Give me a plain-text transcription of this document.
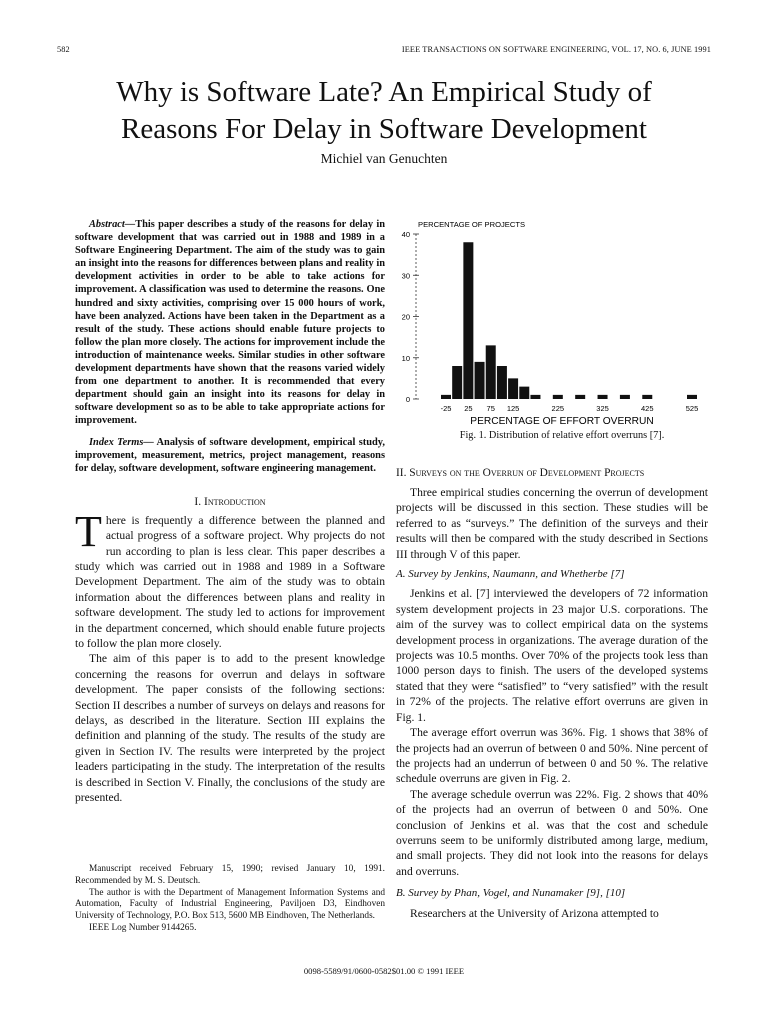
582	IEEE TRANSACTIONS ON SOFTWARE ENGINEERING, VOL. 17, NO. 6, JUNE 1991
Why is Software Late? An Empirical Study of
Reasons For Delay in Software Development
Michiel van Genuchten
Abstract—This paper describes a study of the reasons for delay in software development that was carried out in 1988 and 1989 in a Software Engineering Department. The aim of the study was to gain an insight into the reasons for differences between plans and reality in development activities in order to be able to take actions for improvement. A classification was used to determine the reasons. One hundred and sixty activities, comprising over 15 000 hours of work, have been analyzed. Actions have been taken in the Department as a result of the study. These actions should enable future projects to follow the plan more closely. The actions for improvement include the introduction of maintenance weeks. Similar studies in other software development departments have shown that the reasons varied widely from one department to another. It is recommended that every department should gain an insight into its reasons for delay in software development so as to be able to take appropriate actions for improvement.
Index Terms— Analysis of software development, empirical study, improvement, measurement, metrics, project management, reasons for delay, software development, software engineering management.
I. Introduction
There is frequently a difference between the planned and actual progress of a software project. Why projects do not run according to plan is less clear. This paper describes a study which was carried out in 1988 and 1989 in a Software Development Department. The aim of the study was to obtain information about the differences between plans and reality in software development. The study led to actions for improvement in the department concerned, which should enable future projects to follow the plan more closely.
The aim of this paper is to add to the present knowledge concerning the reasons for overrun and delays in software development. The paper consists of the following sections: Section II describes a number of surveys on delays and reasons for delays, as described in the literature. Section III explains the definition and planning of the study. The results of the study are given in Section IV. The results were interpreted by the project leaders participating in the study. The interpretation of the results is described in Section V. Finally, the conclusions of the study are presented.

Manuscript received February 15, 1990; revised January 10, 1991. Recommended by M. S. Deutsch.

The author is with the Department of Management Information Systems and Automation, Faculty of Industrial Engineering, Paviljoen D3, Eindhoven University of Technology, P.O. Box 513, 5600 MB Eindhoven, The Netherlands.

IEEE Log Number 9144265.

PERCENTAGE OF PROJECTS
0
10
20
30
40
-25 25 75 125	225	325	425	525
PERCENTAGE OF EFFORT OVERRUN
Fig. 1. Distribution of relative effort overruns [7].
II. Surveys on the Overrun of Development Projects
Three empirical studies concerning the overrun of development projects will be discussed in this section. These studies will be referred to as “surveys.” The definition of the surveys and their results will then be compared with the study described in Sections III through V of this paper.
A. Survey by Jenkins, Naumann, and Whetherbe [7]
Jenkins et al. [7] interviewed the developers of 72 information system development projects in 23 major U.S. corporations. The aim of the survey was to collect empirical data on the systems development process in organizations. The average duration of the projects was 10.5 months. Over 70% of the projects took less than 1000 person days to finish. The users of the developed systems stated that they were “satisfied” to “very satisfied” with the result in 72% of the projects. The relative effort overruns are given in Fig. 1.
The average effort overrun was 36%. Fig. 1 shows that 38% of the projects had an overrun of between 0 and 50%. Nine percent of the projects had an underrun of between 0 and 50 %. The relative schedule overruns are given in Fig. 2.
The average schedule overrun was 22%. Fig. 2 shows that 40% of the projects had an overrun of between 0 and 50%. One conclusion of Jenkins et al. was that the cost and schedule overruns seem to be uniformly distributed among large, medium, and small projects. They did not look into the reasons for delays and overruns.
B. Survey by Phan, Vogel, and Nunamaker [9], [10]
Researchers at the University of Arizona attempted to
0098-5589/91/0600-0582$01.00 © 1991 IEEE
